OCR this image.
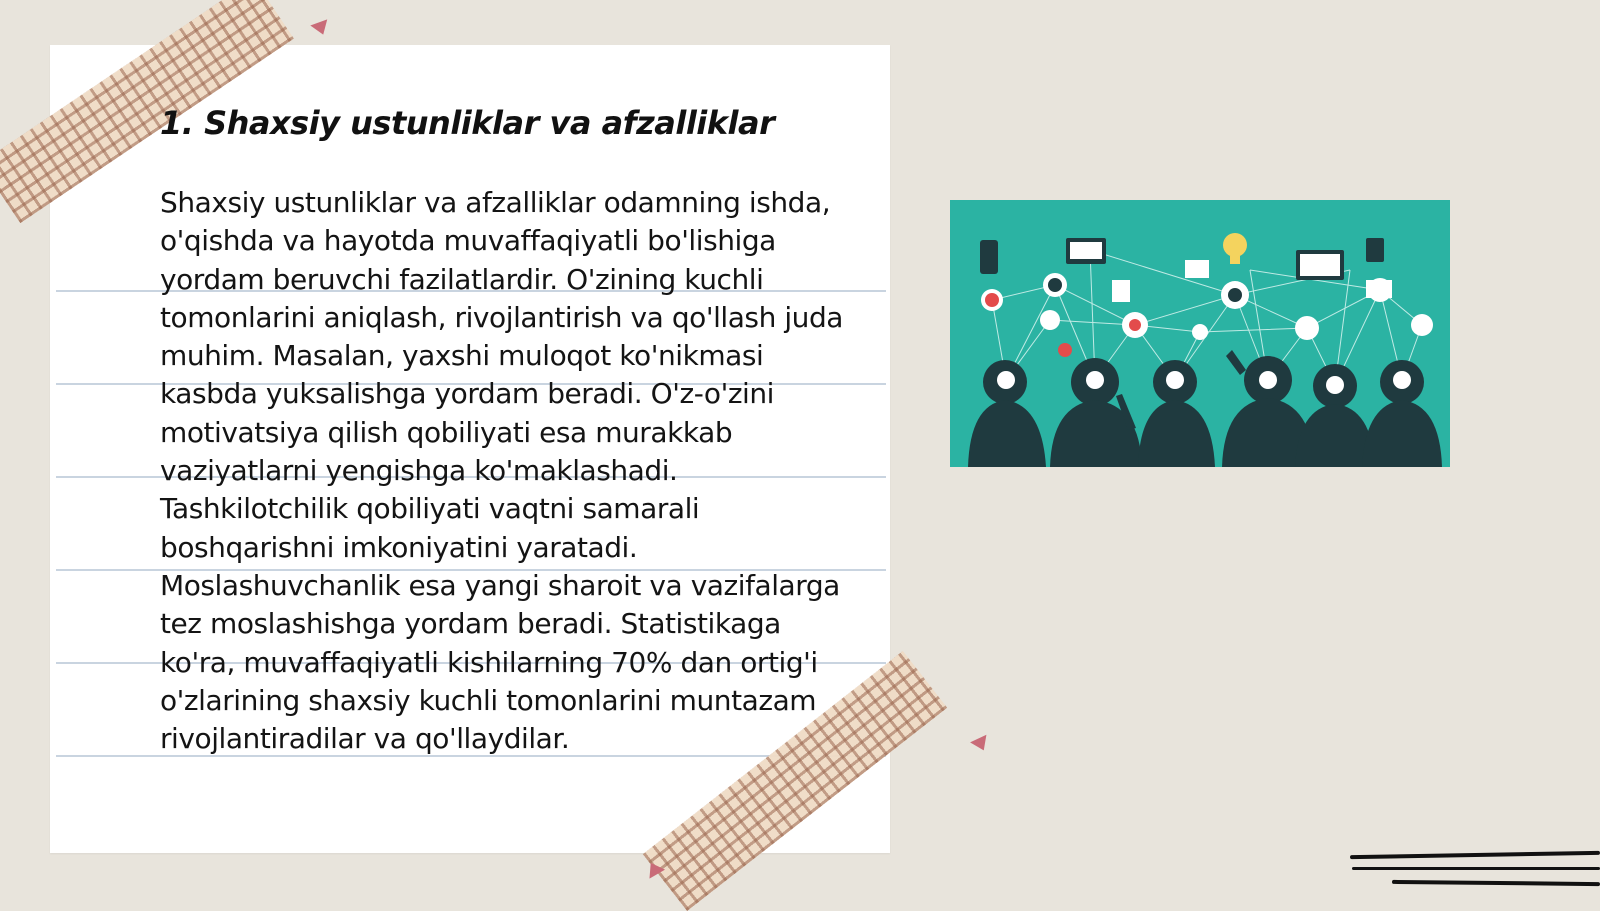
1. Shaxsiy ustunliklar va afzalliklar

Shaxsiy ustunliklar va afzalliklar odamning ishda, o'qishda va hayotda muvaffaqiyatli bo'lishiga yordam beruvchi fazilatlardir. O'zining kuchli tomonlarini aniqlash, rivojlantirish va qo'llash juda muhim. Masalan, yaxshi muloqot ko'nikmasi kasbda yuksalishga yordam beradi. O'z-o'zini motivatsiya qilish qobiliyati esa murakkab vaziyatlarni yengishga ko'maklashadi. Tashkilotchilik qobiliyati vaqtni samarali boshqarishni imkoniyatini yaratadi. Moslashuvchanlik esa yangi sharoit va vazifalarga tez moslashishga yordam beradi. Statistikaga ko'ra, muvaffaqiyatli kishilarning 70% dan ortig'i o'zlarining shaxsiy kuchli tomonlarini muntazam rivojlantiradilar va qo'llaydilar.
